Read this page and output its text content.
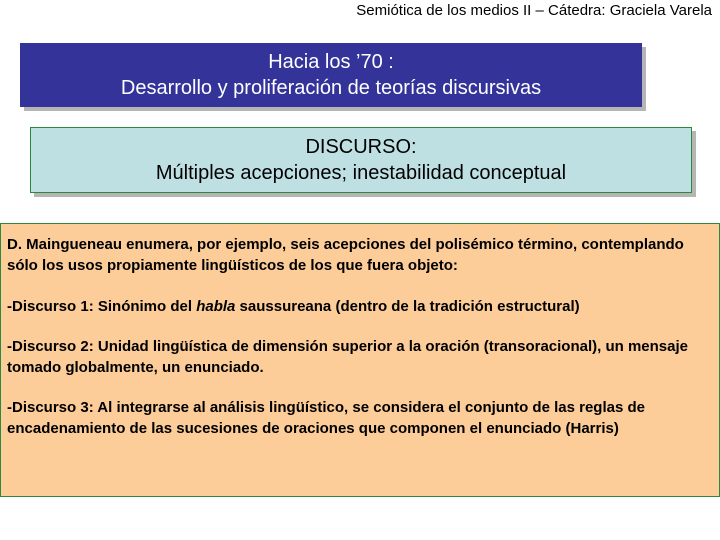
Semiótica de los medios II – Cátedra: Graciela Varela
Hacia los ’70 :
Desarrollo y proliferación de teorías discursivas
DISCURSO:
Múltiples acepciones; inestabilidad conceptual

D. Maingueneau enumera, por ejemplo, seis acepciones del polisémico término, contemplando sólo los usos propiamente lingüísticos de los que fuera objeto:

-Discurso 1: Sinónimo del habla saussureana (dentro de la tradición estructural)

-Discurso 2: Unidad lingüística de dimensión superior a la oración (transoracional), un mensaje tomado globalmente, un enunciado.

-Discurso 3: Al integrarse al análisis lingüístico, se considera el conjunto de las reglas de encadenamiento de las sucesiones de oraciones que componen el enunciado (Harris)
